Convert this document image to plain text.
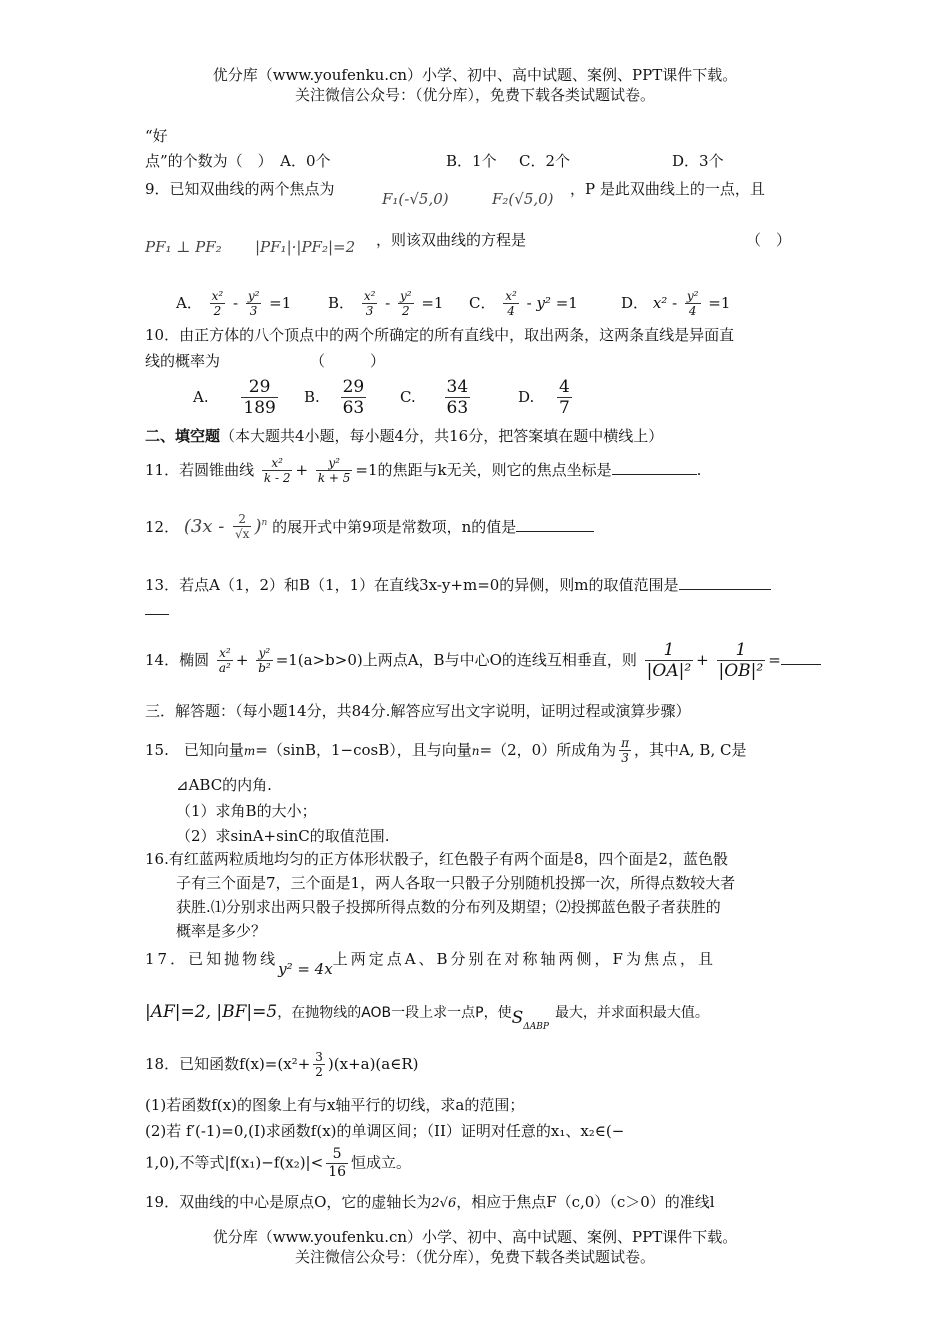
优分库（www.youfenku.cn）小学、初中、高中试题、案例、PPT课件下载。
关注微信公众号：（优分库），免费下载各类试题试卷。
“好
点”的个数为（　）　A．0个	B．1个 C．2个	D．3个
9．已知双曲线的两个焦点为
F₁(-√5,0)	F₂(√5,0)
，P 是此双曲线上的一点，且
PF₁ ⊥ PF₂ |PF₁|·|PF₂|=2 ，则该双曲线的方程是	（　）
A． $\frac{\text{x²}}{2} - \frac{\text{y²}}{3} =1$ B． $\frac{\text{x²}}{3} - \frac{\text{y²}}{2} =1$ C． $\frac{\text{x²}}{4} - y^2 =1$	D． $x^2 - \frac{\text{y²}}{4} =1$
10．由正方体的八个顶点中的两个所确定的所有直线中，取出两条，这两条直线是异面直
线的概率为	（　　　）
A. $\frac{29}{189} B$. $\frac{29}{63} C$. $\frac{34}{63}$	D. $\frac{4}{7}$
二、填空题（本大题共4小题，每小题4分，共16分，把答案填在题中横线上）
11．若圆锥曲线 $\frac{\text{x²}}{k - 2} + \frac{\text{y²}}{k + 5} =1$的焦距与k无关，则它的焦点坐标是	.
12． $(3x - \frac{2}{√x} )^n$ 的展开式中第9项是常数项，n的值是
13．若点A（1，2）和B（1，1）在直线3x-y+m=0的异侧，则m的取值范围是
14．椭圆 $\frac{\text{x²}}{\text{a²}} + \frac{\text{y²}}{\text{b²}} =1(a>b>0)$上两点A，B与中心O的连线互相垂直，则 $\frac{1}{\text{|OA|²}} + \frac{1}{\text{|OB|²}}$ =
三．解答题：（每小题14分，共84分.解答应写出文字说明，证明过程或演算步骤）
15.　已知向量m=（sinB，1−cosB），且与向量n=（2，0）所成角为 $\frac{\pi}{3}$ ，其中A, B, C是
⊿ABC的内角.
（1）求角B的大小；
（2）求sinA+sinC的取值范围.
16.有红蓝两粒质地均匀的正方体形状骰子，红色骰子有两个面是8，四个面是2，蓝色骰
子有三个面是7，三个面是1，两人各取一只骰子分别随机投掷一次，所得点数较大者
获胜.⑴分别求出两只骰子投掷所得点数的分布列及期望；⑵投掷蓝色骰子者获胜的
概率是多少？
17．已知抛物线y² = 4x上两定点A、B分别在对称轴两侧，F为焦点，且
|AF|=2, |BF|=5，在抛物线的AOB一段上求一点P，使$S_{\Delta ABP}$最大，并求面积最大值。
18．已知函数$f(x)=(x^2+ \frac{3}{2}$ )(x+a)(a∈R)
(1)若函数f(x)的图象上有与x轴平行的切线，求a的范围；
(2)若 f′(-1)=0,(I)求函数f(x)的单调区间；（II）证明对任意的x₁、x₂∈(−
1,0),不等式$|f(x_1)-f(x_2)|< \frac{5}{16}$ 恒成立。
19．双曲线的中心是原点O，它的虚轴长为2√6，相应于焦点F（c,0）（c＞0）的准线l
优分库（www.youfenku.cn）小学、初中、高中试题、案例、PPT课件下载。
关注微信公众号：（优分库），免费下载各类试题试卷。
